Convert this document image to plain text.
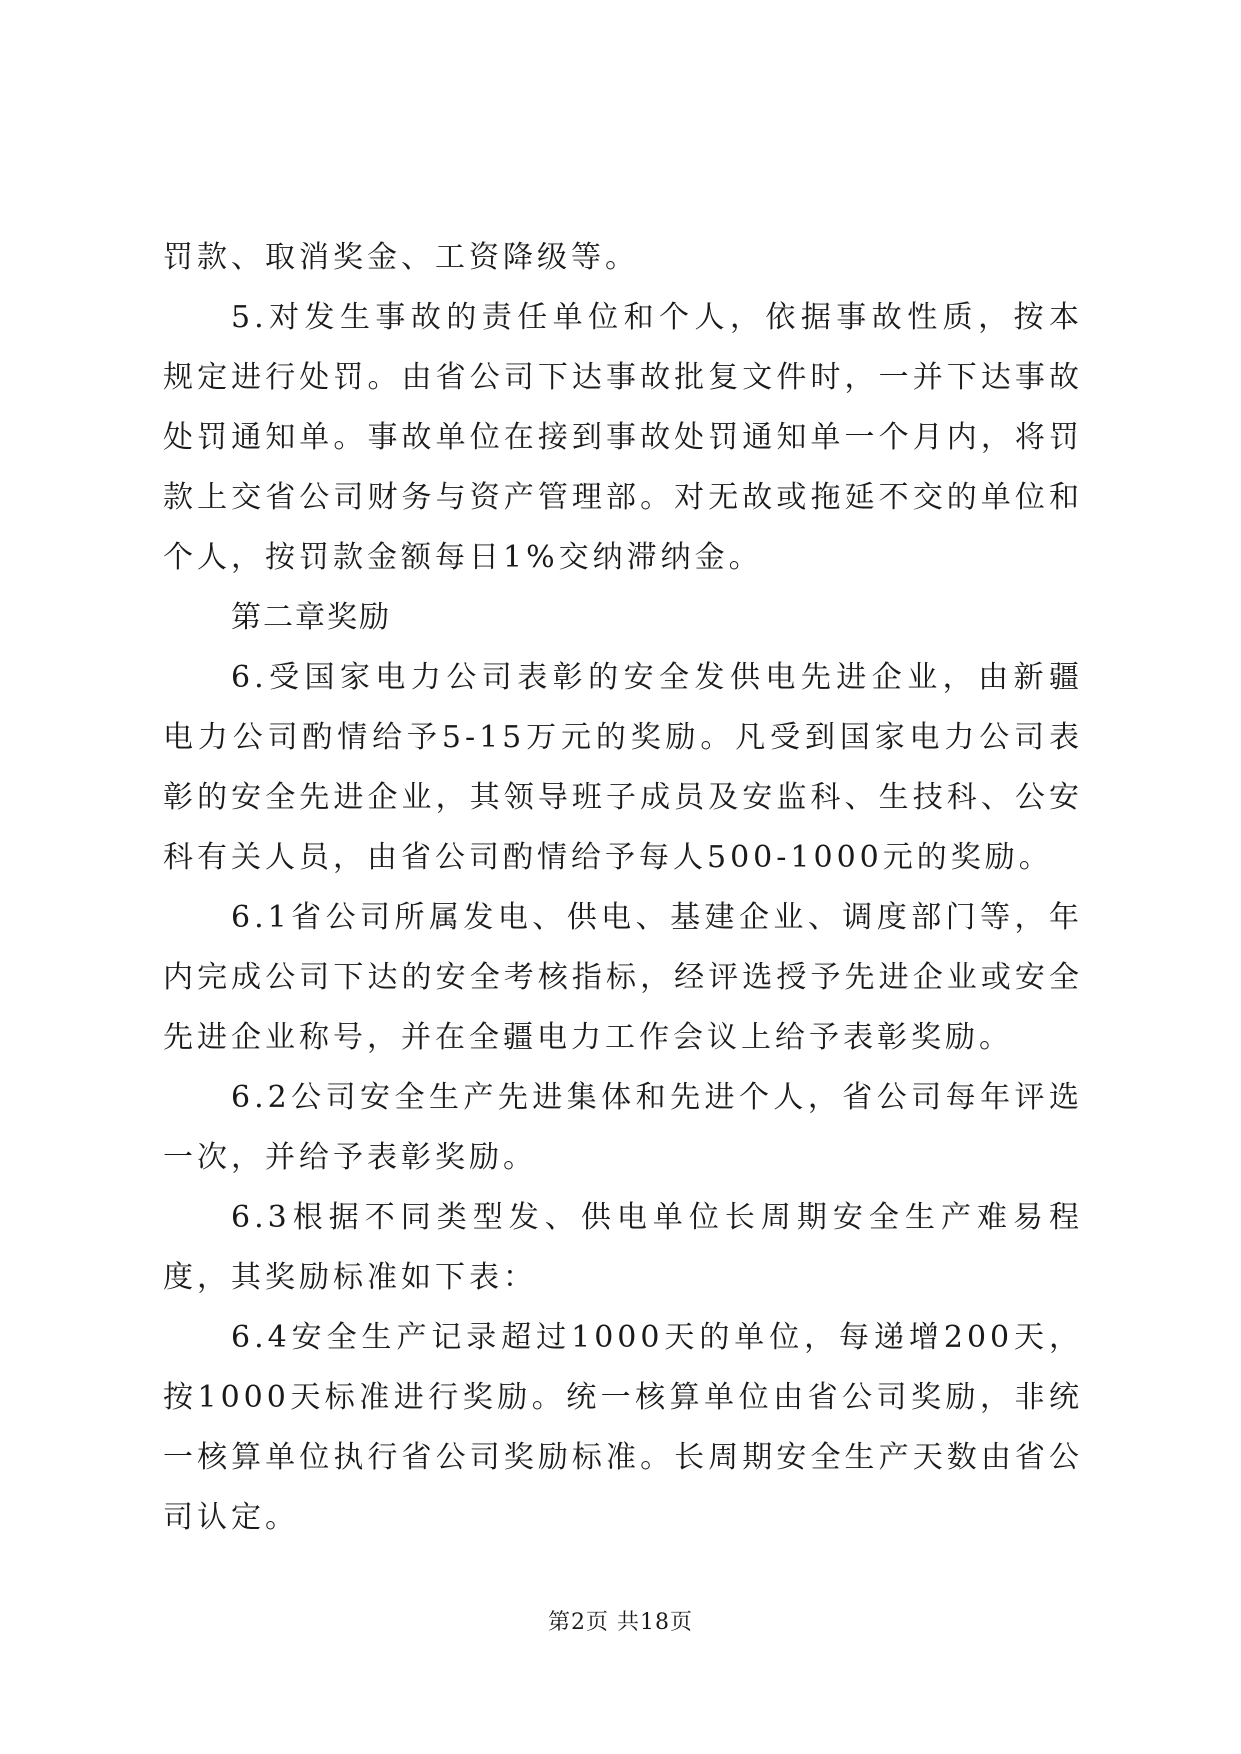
罚款、取消奖金、工资降级等。

5.对发生事故的责任单位和个人，依据事故性质，按本规定进行处罚。由省公司下达事故批复文件时，一并下达事故处罚通知单。事故单位在接到事故处罚通知单一个月内，将罚款上交省公司财务与资产管理部。对无故或拖延不交的单位和个人，按罚款金额每日1%交纳滞纳金。

第二章奖励

6.受国家电力公司表彰的安全发供电先进企业，由新疆电力公司酌情给予5-15万元的奖励。凡受到国家电力公司表彰的安全先进企业，其领导班子成员及安监科、生技科、公安科有关人员，由省公司酌情给予每人500-1000元的奖励。

6.1省公司所属发电、供电、基建企业、调度部门等，年内完成公司下达的安全考核指标，经评选授予先进企业或安全先进企业称号，并在全疆电力工作会议上给予表彰奖励。

6.2公司安全生产先进集体和先进个人，省公司每年评选一次，并给予表彰奖励。

6.3根据不同类型发、供电单位长周期安全生产难易程度，其奖励标准如下表：

6.4安全生产记录超过1000天的单位，每递增200天，按1000天标准进行奖励。统一核算单位由省公司奖励，非统一核算单位执行省公司奖励标准。长周期安全生产天数由省公司认定。

第2页 共18页
